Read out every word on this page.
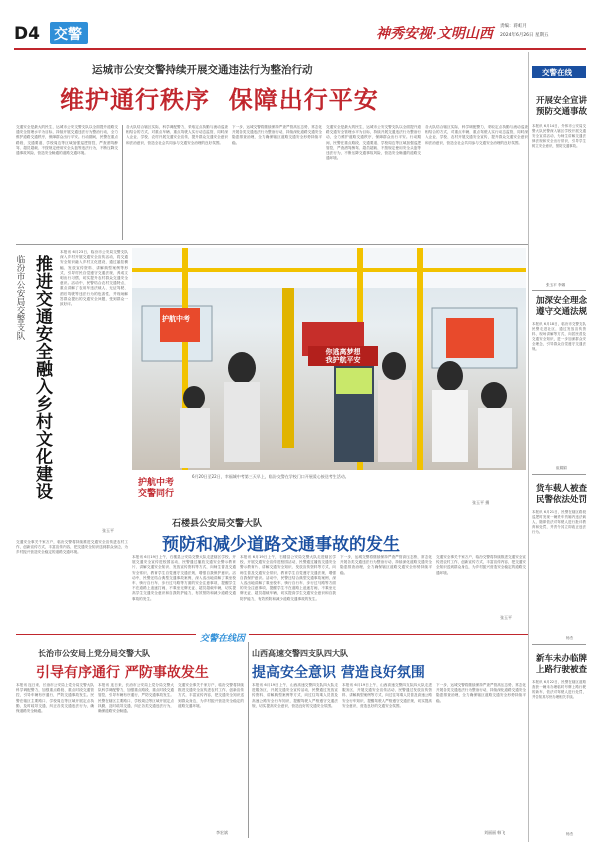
D4 交警	神秀安视·文明山西 责编：蒋虹月
2024年6月26日 星期五
运城市公安交警持续开展交通违法行为整治行动
维护通行秩序  保障出行平安
交通安全是最大的民生，运城市公安交警支队以全面提升道路交通安全管理水平为目标，持续开展交通违法行为整治行动，全力维护道路交通秩序，保障群众出行平安。行动期间，民警在重点路段、交通要道、学校周边等区域加强巡逻管控，严查酒驾醉驾、超员超载、不按规定使用安全头盔等违法行为，不断压降交通事故风险，营造安全畅通的道路交通环境。
各大队结合辖区实际，科学调配警力，采取定点执勤与流动巡查相结合的方式，对重点车辆、重点驾驶人实行动态监管，同时深入企业、学校、农村开展交通安全宣传，提升群众交通安全意识和法治意识，营造全社会共同参与交通安全治理的良好氛围。
下一步，运城交警将继续保持严查严管高压态势，常态化开展各类交通违法行为整治行动，持续深化道路交通安全隐患排查治理，全力确保辖区道路交通安全形势持续平稳。
交通安全是最大的民生，运城市公安交警支队以全面提升道路交通安全管理水平为目标，持续开展交通违法行为整治行动，全力维护道路交通秩序，保障群众出行平安。行动期间，民警在重点路段、交通要道、学校周边等区域加强巡逻管控，严查酒驾醉驾、超员超载、不按规定使用安全头盔等违法行为，不断压降交通事故风险，营造安全畅通的道路交通环境。
各大队结合辖区实际，科学调配警力，采取定点执勤与流动巡查相结合的方式，对重点车辆、重点驾驶人实行动态监管，同时深入企业、学校、农村开展交通安全宣传，提升群众交通安全意识和法治意识，营造全社会共同参与交通安全治理的良好氛围。
推进交通安全融入乡村文化建设
临汾市公安局交警支队
本报讯 6月23日，临汾市公安局交警支队深入乡村开展交通安全宣传活动，将交通安全知识融入乡村文化建设，通过悬挂横幅、发放宣传资料、讲解典型案例等形式，引导村民自觉遵守交通法规，养成文明出行习惯，切实提升农村群众交通安全意识。活动中，民警结合农村交通特点，重点讲解了农用车违法载人、无证驾驶、酒后驾驶等违法行为的危害性，并现场解答群众提出的交通安全问题，受到群众一致好评。
张玉平
交通安全事关千家万户，临汾交警将持续推进交通安全宣传进农村工作，创新宣传方式，丰富宣传内容，把交通安全知识送到群众身边，为乡村振兴营造安全稳定的道路交通环境。
你逃离梦想
我护航平安
护航中考
护航中考
交警同行
6月20日至22日，幸福城中考第三天早上，临汾交警在学校门口开展爱心接送考生活动。
张玉平 摄
石楼县公安局交警大队
预防和减少道路交通事故的发生
本报讯 6月19日上午，石楼县公安局交警大队走进辖区学校，开展交通安全宣传进校园活动，民警通过播放交通安全警示教育片、讲解交通安全知识、发放宣传资料等方式，向师生普及交通安全常识，教育学生自觉遵守交通法规，增强自我保护意识。活动中，民警还结合典型交通事故案例，深入浅出地讲解了乘坐校车、骑行自行车、步行过马路等方面的安全注意事项，提醒学生不在道路上追逐打闹，不乘坐无牌无证、超员超载车辆，切实提高学生交通安全意识和自我防护能力，有效预防和减少道路交通事故的发生。
本报讯 6月19日上午，石楼县公安局交警大队走进辖区学校，开展交通安全宣传进校园活动，民警通过播放交通安全警示教育片、讲解交通安全知识、发放宣传资料等方式，向师生普及交通安全常识，教育学生自觉遵守交通法规，增强自我保护意识。活动中，民警还结合典型交通事故案例，深入浅出地讲解了乘坐校车、骑行自行车、步行过马路等方面的安全注意事项，提醒学生不在道路上追逐打闹，不乘坐无牌无证、超员超载车辆，切实提高学生交通安全意识和自我防护能力，有效预防和减少道路交通事故的发生。
下一步，运城交警将继续保持严查严管高压态势，常态化开展各类交通违法行为整治行动，持续深化道路交通安全隐患排查治理，全力确保辖区道路交通安全形势持续平稳。
交通安全事关千家万户，临汾交警将持续推进交通安全宣传进农村工作，创新宣传方式，丰富宣传内容，把交通安全知识送到群众身边，为乡村振兴营造安全稳定的道路交通环境。
张玉平
交警在线因
长治市公安局上党分局交警大队
引导有序通行 严防事故发生
本报讯 连日来，长治市公安局上党分局交警大队科学调配警力，加强重点路段、重点时段交通管控，引导车辆有序通行，严防交通事故发生。民警在辖区主要路口、学校周边等区域开展定点执勤，及时疏导交通，纠正各类交通违法行为，确保道路安全畅通。
本报讯 连日来，长治市公安局上党分局交警大队科学调配警力，加强重点路段、重点时段交通管控，引导车辆有序通行，严防交通事故发生。民警在辖区主要路口、学校周边等区域开展定点执勤，及时疏导交通，纠正各类交通违法行为，确保道路安全畅通。
交通安全事关千家万户，临汾交警将持续推进交通安全宣传进农村工作，创新宣传方式，丰富宣传内容，把交通安全知识送到群众身边，为乡村振兴营造安全稳定的道路交通环境。
李宏斌
山西高速交警四支队四大队
提高安全意识 营造良好氛围
本报讯 6月19日上午，山西高速交警四支队四大队走进服务区，开展交通安全宣传活动，民警通过发放宣传资料、讲解典型案例等方式，向过往驾乘人员普及高速公路安全行车知识，提醒驾驶人严格遵守交通法规，切实提高安全意识，营造良好的交通安全氛围。
本报讯 6月19日上午，山西高速交警四支队四大队走进服务区，开展交通安全宣传活动，民警通过发放宣传资料、讲解典型案例等方式，向过往驾乘人员普及高速公路安全行车知识，提醒驾驶人严格遵守交通法规，切实提高安全意识，营造良好的交通安全氛围。
下一步，运城交警将继续保持严查严管高压态势，常态化开展各类交通违法行为整治行动，持续深化道路交通安全隐患排查治理，全力确保辖区道路交通安全形势持续平稳。
刘丽丽 韩飞
交警在线
开展安全宣讲
预防交通事故
本报讯 6月14日，介休市公安局交警大队民警深入辖区学校开展交通安全宣讲活动，为师生讲解交通法律法规和安全出行常识，引导学生树立安全意识，预防交通事故。
张玉平 李娜
加深安全理念
遵守交通法规
本报讯 6月18日，临汾市交警支队民警走进社区，通过发放宣传资料、现场讲解等方式，向居民普及交通安全知识，进一步加深群众安全理念，引导群众自觉遵守交通法规。
崔娟娟
货车载人被查
民警依法处罚
本报讯 6月21日，民警在辖区路段巡逻时发现一辆货车货厢内违法载人，随即依法对驾驶人进行批评教育和处罚，并责令其立即改正违法行为。
杨杰
新车未办临牌
上路行驶被查
本报讯 6月22日，民警在辖区道路查获一辆未办理临时号牌上路行驶的新车，依法对驾驶人进行处罚，并告知其尽快办理相关手续。
杨杰
